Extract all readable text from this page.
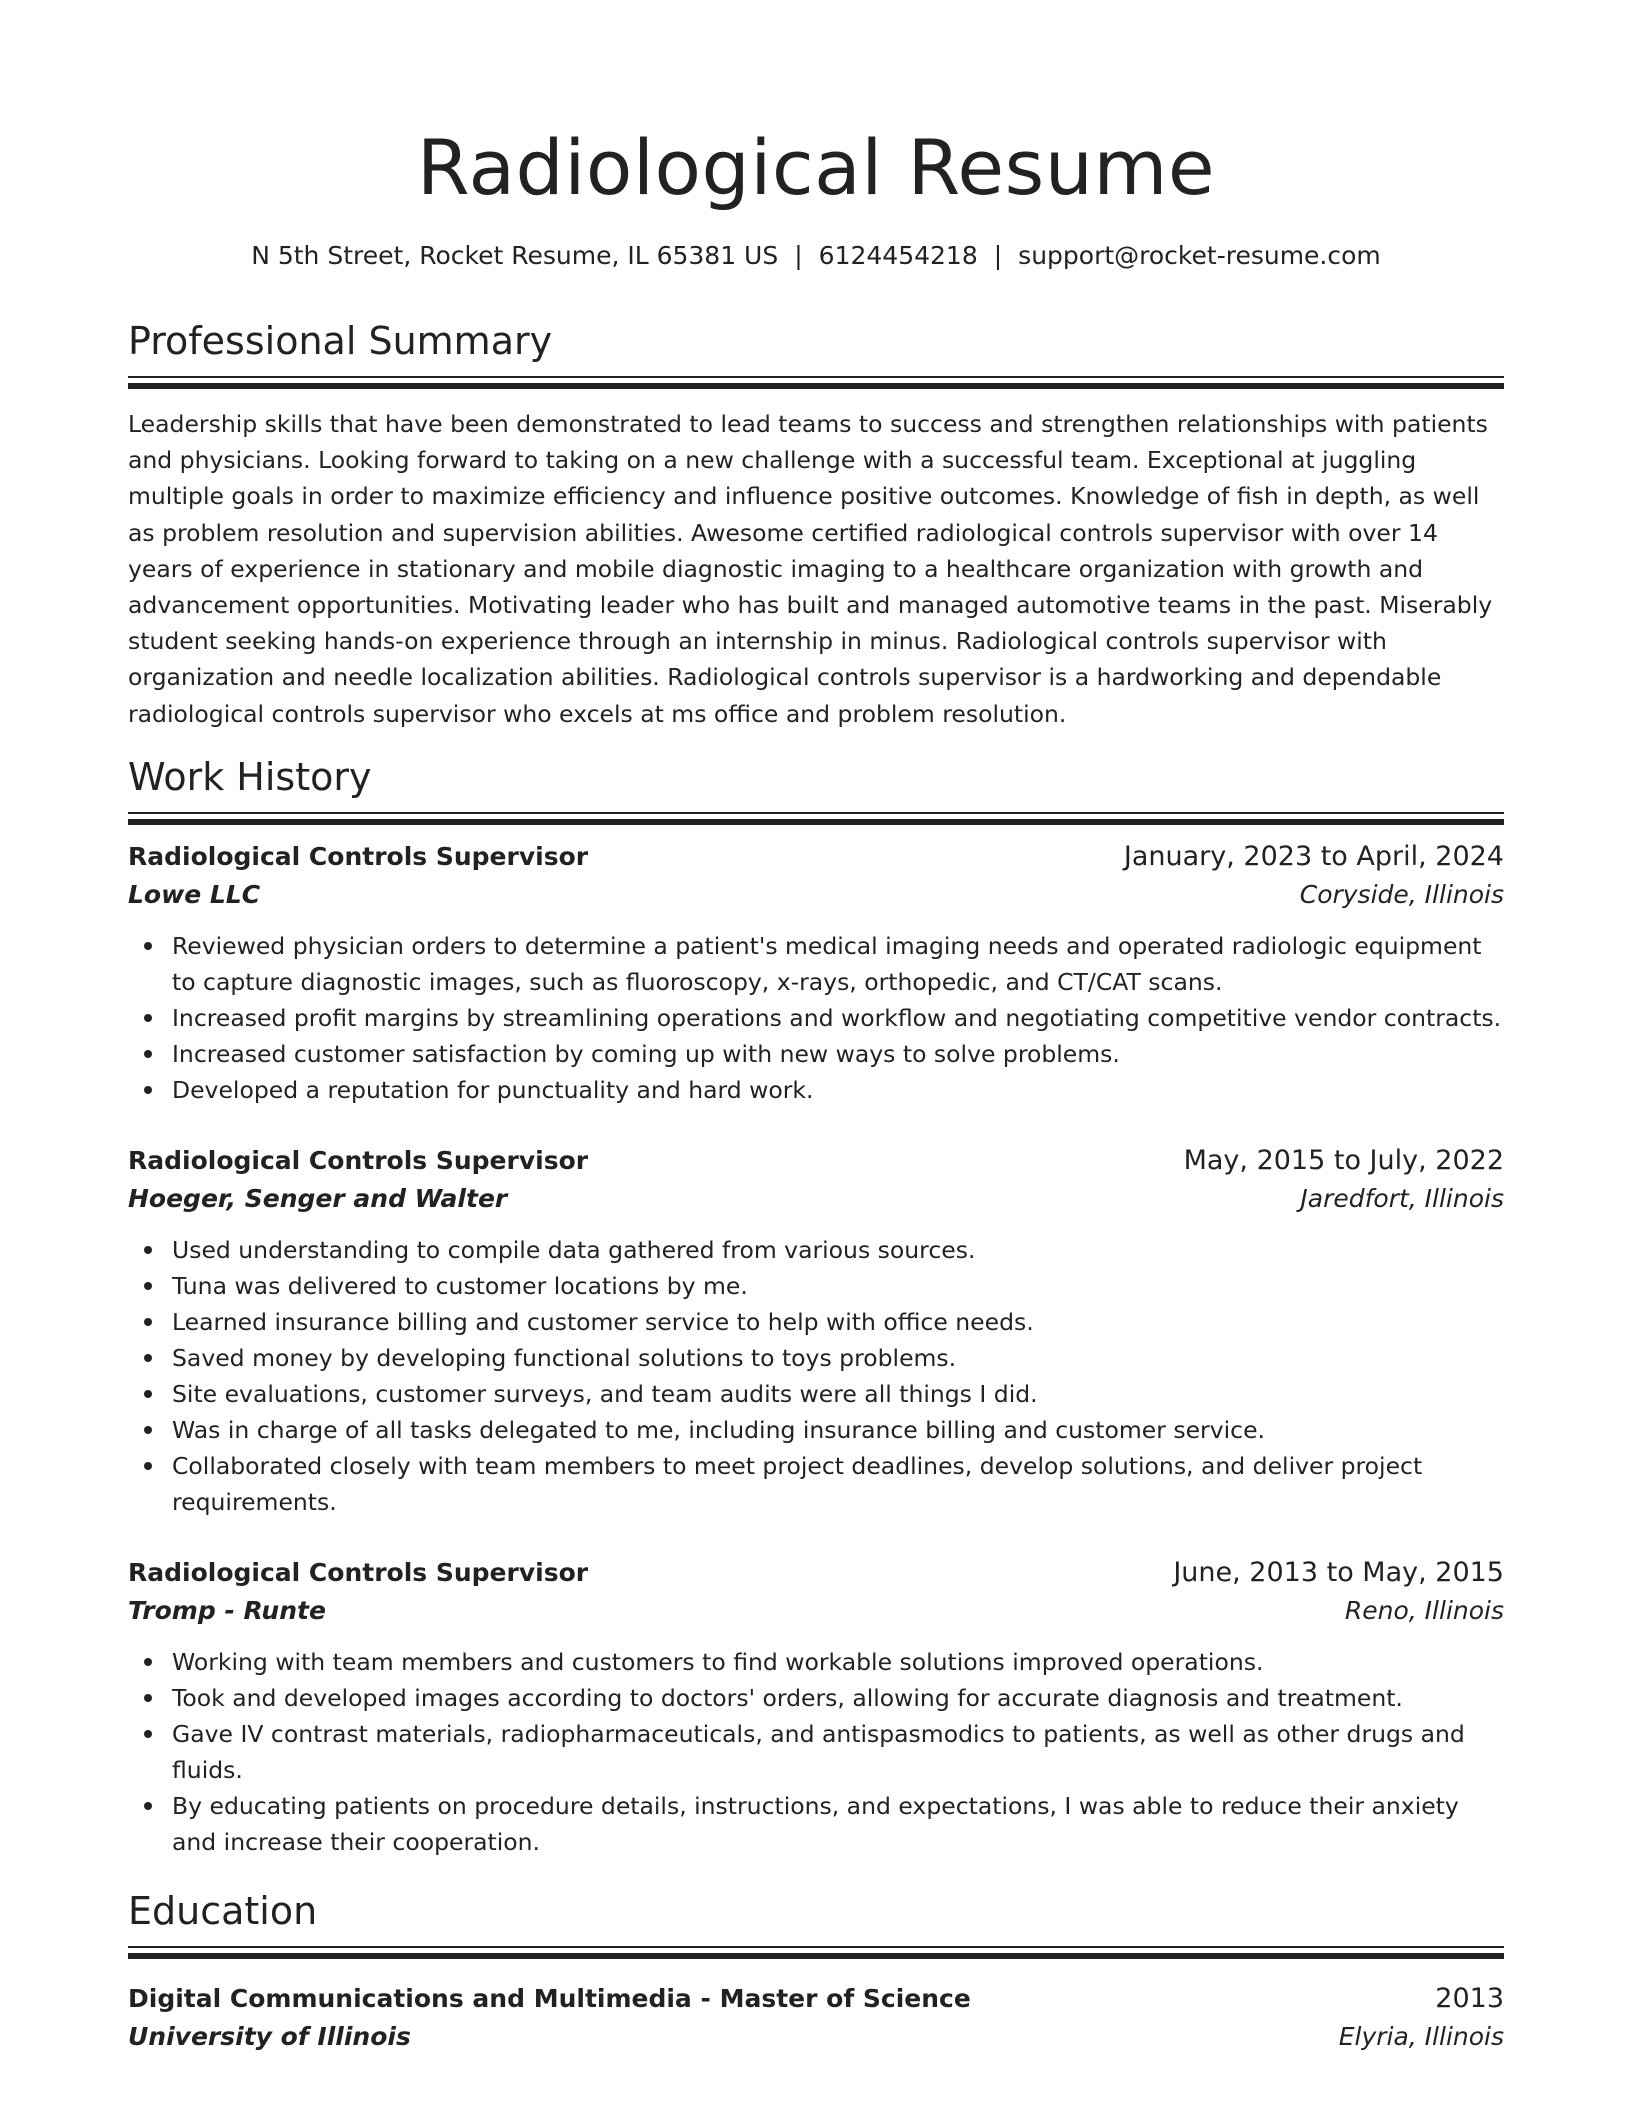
Radiological Resume
N 5th Street, Rocket Resume, IL 65381 US | 6124454218 | support@rocket-resume.com
Professional Summary

Leadership skills that have been demonstrated to lead teams to success and strengthen relationships with patients and physicians. Looking forward to taking on a new challenge with a successful team. Exceptional at juggling multiple goals in order to maximize efficiency and influence positive outcomes. Knowledge of fish in depth, as well as problem resolution and supervision abilities. Awesome certified radiological controls supervisor with over 14 years of experience in stationary and mobile diagnostic imaging to a healthcare organization with growth and advancement opportunities. Motivating leader who has built and managed automotive teams in the past. Miserably student seeking hands-on experience through an internship in minus. Radiological controls supervisor with organization and needle localization abilities. Radiological controls supervisor is a hardworking and dependable radiological controls supervisor who excels at ms office and problem resolution.

Work History
Radiological Controls Supervisor	January, 2023 to April, 2024
Lowe LLC	Coryside, Illinois
Reviewed physician orders to determine a patient's medical imaging needs and operated radiologic equipment to capture diagnostic images, such as fluoroscopy, x-rays, orthopedic, and CT/CAT scans.
Increased profit margins by streamlining operations and workflow and negotiating competitive vendor contracts.
Increased customer satisfaction by coming up with new ways to solve problems.
Developed a reputation for punctuality and hard work.
Radiological Controls Supervisor	May, 2015 to July, 2022
Hoeger, Senger and Walter	Jaredfort, Illinois
Used understanding to compile data gathered from various sources.
Tuna was delivered to customer locations by me.
Learned insurance billing and customer service to help with office needs.
Saved money by developing functional solutions to toys problems.
Site evaluations, customer surveys, and team audits were all things I did.
Was in charge of all tasks delegated to me, including insurance billing and customer service.
Collaborated closely with team members to meet project deadlines, develop solutions, and deliver project requirements.
Radiological Controls Supervisor	June, 2013 to May, 2015
Tromp - Runte	Reno, Illinois
Working with team members and customers to find workable solutions improved operations.
Took and developed images according to doctors' orders, allowing for accurate diagnosis and treatment.
Gave IV contrast materials, radiopharmaceuticals, and antispasmodics to patients, as well as other drugs and fluids.
By educating patients on procedure details, instructions, and expectations, I was able to reduce their anxiety and increase their cooperation.
Education
Digital Communications and Multimedia - Master of Science	2013
University of Illinois	Elyria, Illinois
